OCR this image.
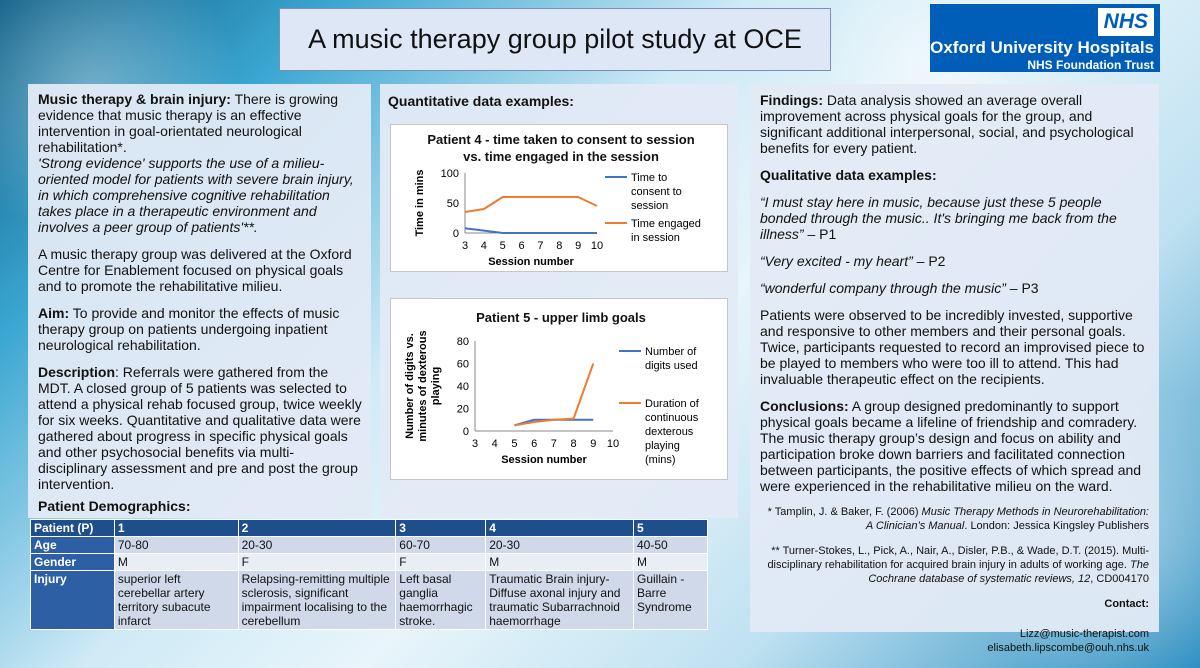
A music therapy group pilot study at OCE
NHS
Oxford University Hospitals
NHS Foundation Trust

Music therapy & brain injury: There is growing evidence that music therapy is an effective intervention in goal-orientated neurological rehabilitation*.
'Strong evidence' supports the use of a milieu-oriented model for patients with severe brain injury, in which comprehensive cognitive rehabilitation takes place in a therapeutic environment and involves a peer group of patients'**.

A music therapy group was delivered at the Oxford Centre for Enablement focused on physical goals and to promote the rehabilitative milieu.

Aim: To provide and monitor the effects of music therapy group on patients undergoing inpatient neurological rehabilitation.

Description: Referrals were gathered from the MDT. A closed group of 5 patients was selected to attend a physical rehab focused group, twice weekly for six weeks. Quantitative and qualitative data were gathered about progress in specific physical goals and other psychosocial benefits via multi-disciplinary assessment and pre and post the group intervention.

Patient Demographics:
Quantitative data examples:
Patient 4 - time taken to consent to session vs. time engaged in the session
0
50
100
3 4 5 6 7 8 9 10
Session number
Time in mins	Time to
consent to
session
Time engaged
in session
Patient 5 - upper limb goals
0
20
40
60
80
3 4 5 6 7 8 9 10
Session number
Number of digits vs.minutes of dexterousplaying
Number of
digits used
Duration of
continuous
dexterous
playing
(mins)

Findings: Data analysis showed an average overall improvement across physical goals for the group, and significant additional interpersonal, social, and psychological benefits for every patient.

Qualitative data examples:

“I must stay here in music, because just these 5 people bonded through the music.. It's bringing me back from the illness” – P1

“Very excited - my heart” – P2

“wonderful company through the music” – P3

Patients were observed to be incredibly invested, supportive and responsive to other members and their personal goals. Twice, participants requested to record an improvised piece to be played to members who were too ill to attend. This had invaluable therapeutic effect on the recipients.

Conclusions: A group designed predominantly to support physical goals became a lifeline of friendship and comradery. The music therapy group’s design and focus on ability and participation broke down barriers and facilitated connection between participants, the positive effects of which spread and were experienced in the rehabilitative milieu on the ward.

* Tamplin, J. & Baker, F. (2006) Music Therapy Methods in Neurorehabilitation: A Clinician’s Manual. London: Jessica Kingsley Publishers

** Turner-Stokes, L., Pick, A., Nair, A., Disler, P.B., & Wade, D.T. (2015). Multi-disciplinary rehabilitation for acquired brain injury in adults of working age. The Cochrane database of systematic reviews, 12, CD004170

Contact:

Lizz@music-therapist.com
elisabeth.lipscombe@ouh.nhs.uk

Patient (P)	1	2	3	4	5
Age	70-80	20-30	60-70	20-30	40-50
Gender	M	F	F	M	M
Injury	superior left cerebellar artery territory subacute infarct	Relapsing-remitting multiple sclerosis, significant impairment localising to the cerebellum	Left basal ganglia haemorrhagic stroke.	Traumatic Brain injury- Diffuse axonal injury and traumatic Subarrachnoid haemorrhage	Guillain - Barre Syndrome
